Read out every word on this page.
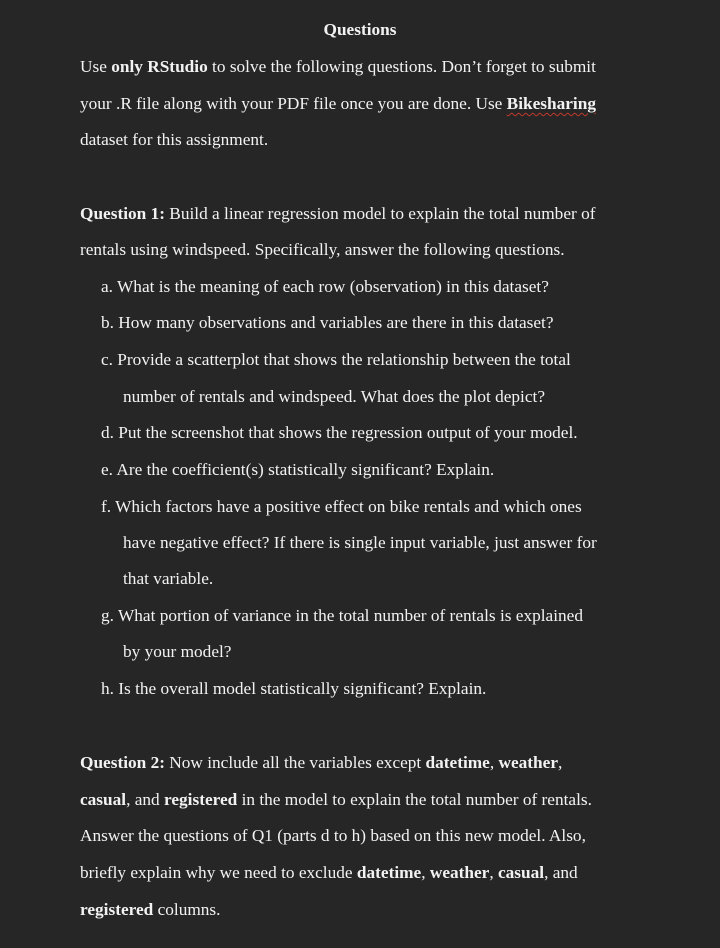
Questions
Use only RStudio to solve the following questions. Don’t forget to submit
your .R file along with your PDF file once you are done. Use Bikesharing
dataset for this assignment.
Question 1: Build a linear regression model to explain the total number of
rentals using windspeed. Specifically, answer the following questions.
a. What is the meaning of each row (observation) in this dataset?
b. How many observations and variables are there in this dataset?
c. Provide a scatterplot that shows the relationship between the total
number of rentals and windspeed. What does the plot depict?
d. Put the screenshot that shows the regression output of your model.
e. Are the coefficient(s) statistically significant? Explain.
f. Which factors have a positive effect on bike rentals and which ones
have negative effect? If there is single input variable, just answer for
that variable.
g. What portion of variance in the total number of rentals is explained
by your model?
h. Is the overall model statistically significant? Explain.
Question 2: Now include all the variables except datetime, weather,
casual, and registered in the model to explain the total number of rentals.
Answer the questions of Q1 (parts d to h) based on this new model. Also,
briefly explain why we need to exclude datetime, weather, casual, and
registered columns.
